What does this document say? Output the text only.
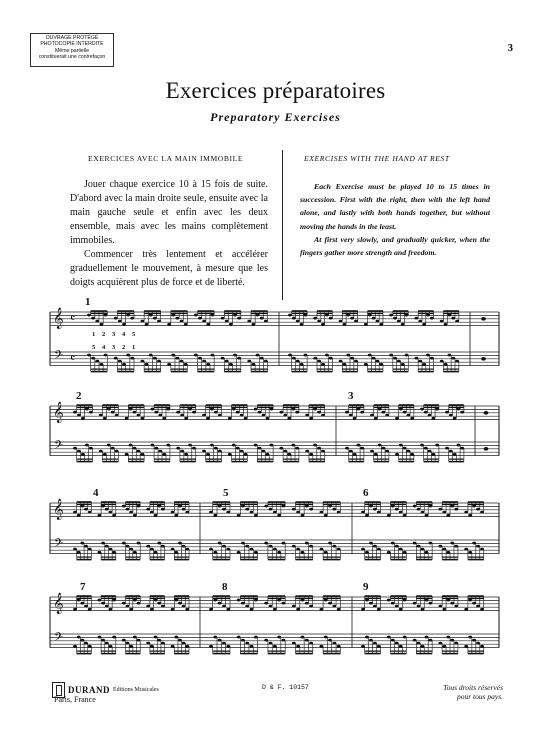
OUVRAGE PROTÉGÉ
PHOTOCOPIE INTERDITE
Même partielle
constituerait une contrefaçon
3
Exercices préparatoires
Preparatory Exercises
EXERCICES AVEC LA MAIN IMMOBILE	EXERCISES WITH THE HAND AT REST

Jouer chaque exercice 10 à 15 fois de suite. D'abord avec la main droite seule, ensuite avec la main gauche seule et enfin avec les deux ensemble, mais avec les mains complètement immobiles.

Commencer très lentement et accélérer graduellement le mouvement, à mesure que les doigts acquièrent plus de force et de liberté.

Each Exercise must be played 10 to 15 times in succession. First with the right, then with the left hand alone, and lastly with both hands together, but without moving the hands in the least.

At first very slowly, and gradually quicker, when the fingers gather more strength and freedom.

𝄞
𝄢
𝄴
𝄴
1
𝄞
𝄢
2	3
𝄞
𝄢
4	5	6
𝄞
𝄢
7	8	9
1 2 3 4 5
5 4 3 2 1
DURAND Éditions Musicales
Paris, France
D & F. 10157	Tous droits réservés
pour tous pays.
